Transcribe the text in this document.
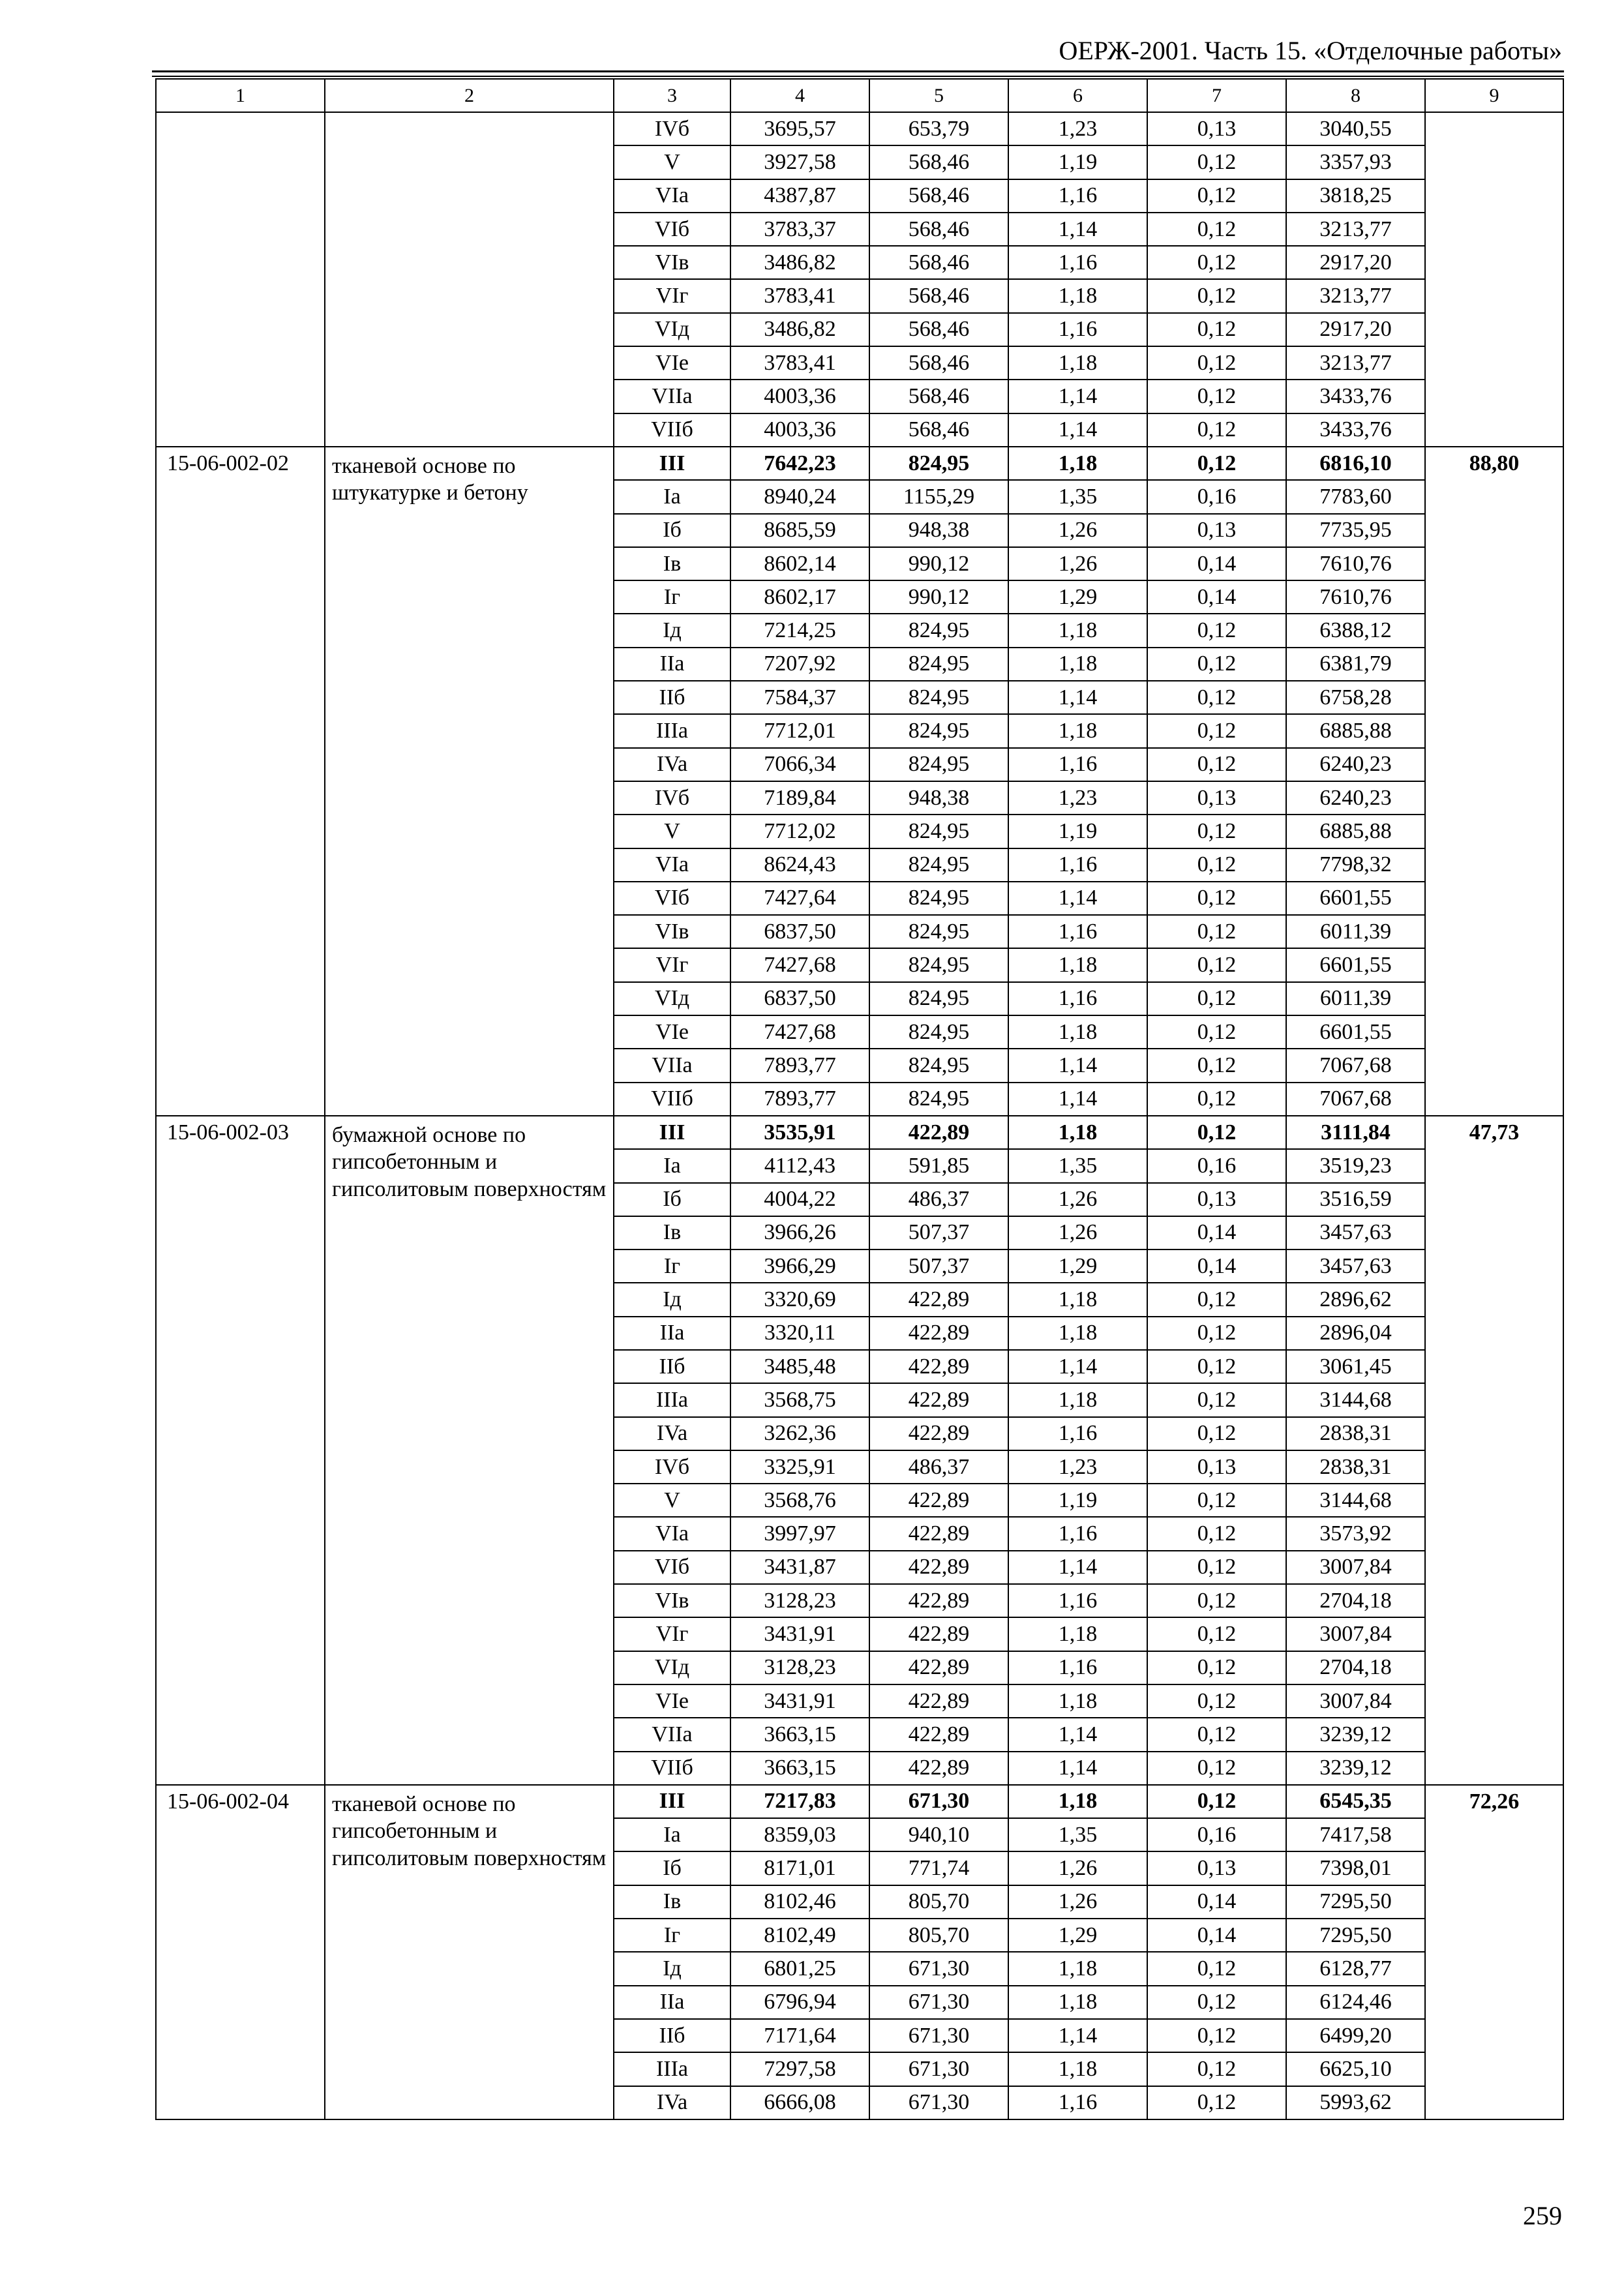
ОЕРЖ-2001. Часть 15. «Отделочные работы»
1	2	3	4	5	6	7	8	9
		IVб	3695,57	653,79	1,23	0,13	3040,55	
		V	3927,58	568,46	1,19	0,12	3357,93	
		VIa	4387,87	568,46	1,16	0,12	3818,25	
		VIб	3783,37	568,46	1,14	0,12	3213,77	
		VIв	3486,82	568,46	1,16	0,12	2917,20	
		VIг	3783,41	568,46	1,18	0,12	3213,77	
		VIд	3486,82	568,46	1,16	0,12	2917,20	
		VIe	3783,41	568,46	1,18	0,12	3213,77	
		VIIa	4003,36	568,46	1,14	0,12	3433,76	
		VIIб	4003,36	568,46	1,14	0,12	3433,76	
15-06-002-02	тканевой основе по штукатурке и бетону	III	7642,23	824,95	1,18	0,12	6816,10	88,80
		Ia	8940,24	1155,29	1,35	0,16	7783,60	
		Iб	8685,59	948,38	1,26	0,13	7735,95	
		Iв	8602,14	990,12	1,26	0,14	7610,76	
		Iг	8602,17	990,12	1,29	0,14	7610,76	
		Iд	7214,25	824,95	1,18	0,12	6388,12	
		IIa	7207,92	824,95	1,18	0,12	6381,79	
		IIб	7584,37	824,95	1,14	0,12	6758,28	
		IIIa	7712,01	824,95	1,18	0,12	6885,88	
		IVa	7066,34	824,95	1,16	0,12	6240,23	
		IVб	7189,84	948,38	1,23	0,13	6240,23	
		V	7712,02	824,95	1,19	0,12	6885,88	
		VIa	8624,43	824,95	1,16	0,12	7798,32	
		VIб	7427,64	824,95	1,14	0,12	6601,55	
		VIв	6837,50	824,95	1,16	0,12	6011,39	
		VIг	7427,68	824,95	1,18	0,12	6601,55	
		VIд	6837,50	824,95	1,16	0,12	6011,39	
		VIe	7427,68	824,95	1,18	0,12	6601,55	
		VIIa	7893,77	824,95	1,14	0,12	7067,68	
		VIIб	7893,77	824,95	1,14	0,12	7067,68	
15-06-002-03	бумажной основе по гипсобетонным и гипсолитовым поверхностям	III	3535,91	422,89	1,18	0,12	3111,84	47,73
		Ia	4112,43	591,85	1,35	0,16	3519,23	
		Iб	4004,22	486,37	1,26	0,13	3516,59	
		Iв	3966,26	507,37	1,26	0,14	3457,63	
		Iг	3966,29	507,37	1,29	0,14	3457,63	
		Iд	3320,69	422,89	1,18	0,12	2896,62	
		IIa	3320,11	422,89	1,18	0,12	2896,04	
		IIб	3485,48	422,89	1,14	0,12	3061,45	
		IIIa	3568,75	422,89	1,18	0,12	3144,68	
		IVa	3262,36	422,89	1,16	0,12	2838,31	
		IVб	3325,91	486,37	1,23	0,13	2838,31	
		V	3568,76	422,89	1,19	0,12	3144,68	
		VIa	3997,97	422,89	1,16	0,12	3573,92	
		VIб	3431,87	422,89	1,14	0,12	3007,84	
		VIв	3128,23	422,89	1,16	0,12	2704,18	
		VIг	3431,91	422,89	1,18	0,12	3007,84	
		VIд	3128,23	422,89	1,16	0,12	2704,18	
		VIe	3431,91	422,89	1,18	0,12	3007,84	
		VIIa	3663,15	422,89	1,14	0,12	3239,12	
		VIIб	3663,15	422,89	1,14	0,12	3239,12	
15-06-002-04	тканевой основе по гипсобетонным и гипсолитовым поверхностям	III	7217,83	671,30	1,18	0,12	6545,35	72,26
		Ia	8359,03	940,10	1,35	0,16	7417,58	
		Iб	8171,01	771,74	1,26	0,13	7398,01	
		Iв	8102,46	805,70	1,26	0,14	7295,50	
		Iг	8102,49	805,70	1,29	0,14	7295,50	
		Iд	6801,25	671,30	1,18	0,12	6128,77	
		IIa	6796,94	671,30	1,18	0,12	6124,46	
		IIб	7171,64	671,30	1,14	0,12	6499,20	
		IIIa	7297,58	671,30	1,18	0,12	6625,10	
		IVa	6666,08	671,30	1,16	0,12	5993,62	
259
